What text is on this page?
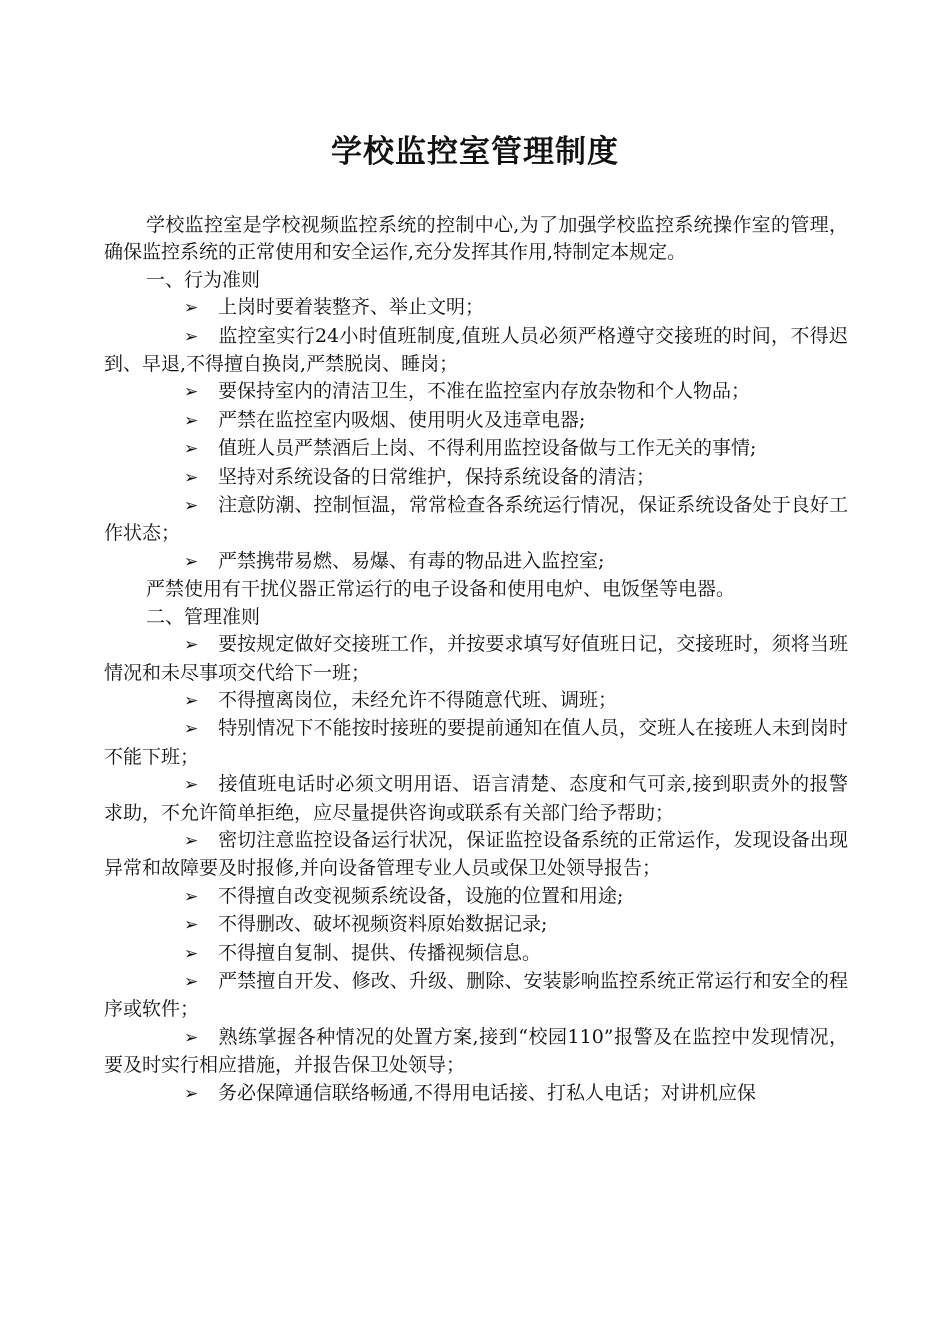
学校监控室管理制度

学校监控室是学校视频监控系统的控制中心,为了加强学校监控系统操作室的管理，确保监控系统的正常使用和安全运作,充分发挥其作用,特制定本规定。

一、行为准则

➢ 上岗时要着装整齐、举止文明；

➢ 监控室实行24小时值班制度,值班人员必须严格遵守交接班的时间，不得迟到、早退,不得擅自换岗,严禁脱岗、睡岗；

➢ 要保持室内的清洁卫生，不准在监控室内存放杂物和个人物品；

➢ 严禁在监控室内吸烟、使用明火及违章电器;

➢ 值班人员严禁酒后上岗、不得利用监控设备做与工作无关的事情;

➢ 坚持对系统设备的日常维护，保持系统设备的清洁；

➢ 注意防潮、控制恒温，常常检查各系统运行情况，保证系统设备处于良好工作状态；

➢ 严禁携带易燃、易爆、有毒的物品进入监控室;

严禁使用有干扰仪器正常运行的电子设备和使用电炉、电饭堡等电器。

二、管理准则

➢ 要按规定做好交接班工作，并按要求填写好值班日记，交接班时，须将当班情况和未尽事项交代给下一班；

➢ 不得擅离岗位，未经允许不得随意代班、调班；

➢ 特别情况下不能按时接班的要提前通知在值人员，交班人在接班人未到岗时不能下班；

➢ 接值班电话时必须文明用语、语言清楚、态度和气可亲,接到职责外的报警求助，不允许简单拒绝，应尽量提供咨询或联系有关部门给予帮助；

➢ 密切注意监控设备运行状况，保证监控设备系统的正常运作，发现设备出现异常和故障要及时报修,并向设备管理专业人员或保卫处领导报告；

➢ 不得擅自改变视频系统设备，设施的位置和用途;

➢ 不得删改、破坏视频资料原始数据记录;

➢ 不得擅自复制、提供、传播视频信息。

➢ 严禁擅自开发、修改、升级、删除、安装影响监控系统正常运行和安全的程序或软件；

➢ 熟练掌握各种情况的处置方案,接到“校园110”报警及在监控中发现情况，要及时实行相应措施，并报告保卫处领导；

➢ 务必保障通信联络畅通,不得用电话接、打私人电话；对讲机应保
